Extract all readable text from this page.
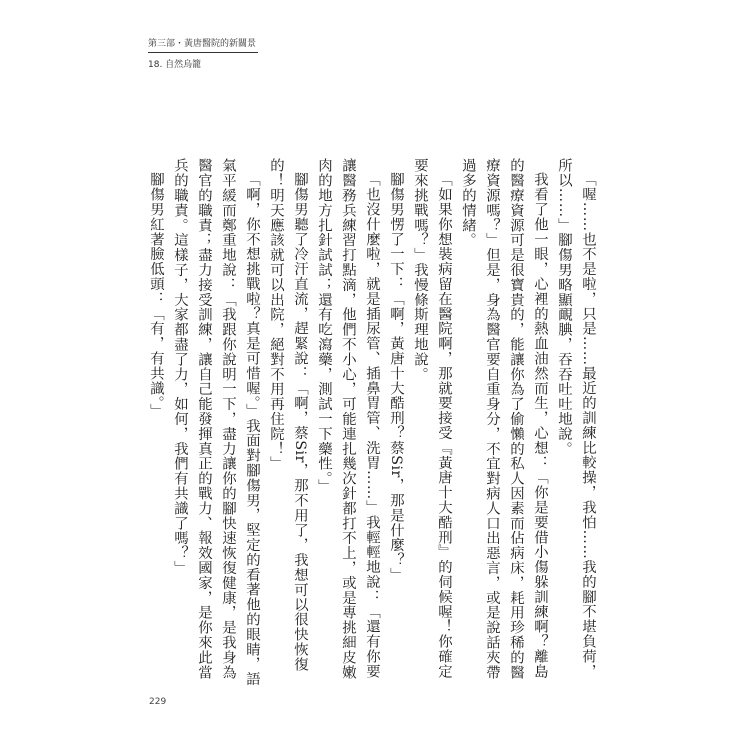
第三部・黃唐醫院的新關景
18. 自然烏籠

「喔……也不是啦，只是……最近的訓練比較操，我怕……我的腳不堪負荷，所以……」腳傷男略顯靦腆，吞吞吐吐地說。

我看了他一眼，心裡的熱血油然而生，心想：「你是要借小傷躲訓練啊？離島的醫療資源可是很寶貴的，能讓你為了偷懶的私人因素而佔病床，耗用珍稀的醫療資源嗎？」但是，身為醫官要自重身分，不宜對病人口出惡言，或是說話夾帶過多的情緒。

「如果你想裝病留在醫院啊，那就要接受『黃唐十大酷刑』的伺候喔！你確定要來挑戰嗎？」我慢條斯理地說。

腳傷男愣了一下：「啊，黃唐十大酷刑？蔡Sir，那是什麼？」

「也沒什麼啦，就是插尿管、插鼻胃管、洗胃……」我輕輕地說：「還有你要讓醫務兵練習打點滴，他們不小心，可能連扎幾次針都打不上，或是專挑細皮嫩肉的地方扎針試試；還有吃瀉藥，測試一下藥性。」

腳傷男聽了冷汗直流，趕緊說：「啊，蔡Sir，那不用了，我想可以很快恢復的！明天應該就可以出院，絕對不用再住院！」

「啊，你不想挑戰啦？真是可惜喔。」我面對腳傷男，堅定的看著他的眼睛，語氣平緩而鄭重地說：「我跟你說明一下，盡力讓你的腳快速恢復健康，是我身為醫官的職責；盡力接受訓練，讓自己能發揮真正的戰力、報效國家，是你來此當兵的職責。這樣子，大家都盡了力，如何，我們有共識了嗎？」

腳傷男紅著臉低頭：「有，有共識。」

229
